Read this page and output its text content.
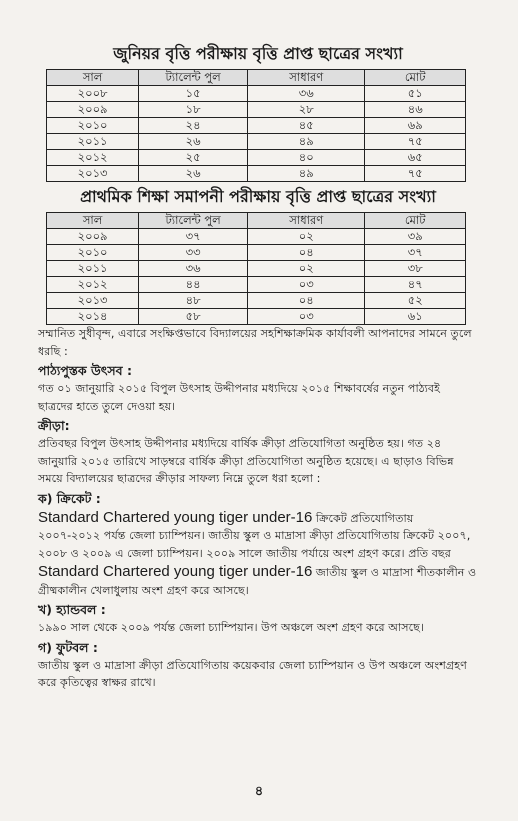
জুনিয়র বৃত্তি পরীক্ষায় বৃত্তি প্রাপ্ত ছাত্রের সংখ্যা
সাল	ট্যালেন্ট পুল	সাধারণ	মোট
২০০৮	১৫	৩৬	৫১
২০০৯	১৮	২৮	৪৬
২০১০	২৪	৪৫	৬৯
২০১১	২৬	৪৯	৭৫
২০১২	২৫	৪০	৬৫
২০১৩	২৬	৪৯	৭৫
প্রাথমিক শিক্ষা সমাপনী পরীক্ষায় বৃত্তি প্রাপ্ত ছাত্রের সংখ্যা
সাল	ট্যালেন্ট পুল	সাধারণ	মোট
২০০৯	৩৭	০২	৩৯
২০১০	৩৩	০৪	৩৭
২০১১	৩৬	০২	৩৮
২০১২	৪৪	০৩	৪৭
২০১৩	৪৮	০৪	৫২
২০১৪	৫৮	০৩	৬১

সম্মানিত সুধীবৃন্দ, এবারে সংক্ষিপ্তভাবে বিদ্যালয়ের সহশিক্ষাক্রমিক কার্যাবলী আপনাদের সামনে তুলে ধরছি :

পাঠ্যপুস্তক উৎসব :

গত ০১ জানুয়ারি ২০১৫ বিপুল উৎসাহ উদ্দীপনার মধ্যদিয়ে ২০১৫ শিক্ষাবর্ষের নতুন পাঠ্যবই ছাত্রদের হাতে তুলে দেওয়া হয়।

ক্রীড়া:

প্রতিবছর বিপুল উৎসাহ উদ্দীপনার মধ্যদিয়ে বার্ষিক ক্রীড়া প্রতিযোগিতা অনুষ্ঠিত হয়। গত ২৪ জানুয়ারি ২০১৫ তারিখে সাড়ম্বরে বার্ষিক ক্রীড়া প্রতিযোগিতা অনুষ্ঠিত হয়েছে। এ ছাড়াও বিভিন্ন সময়ে বিদ্যালয়ের ছাত্রদের ক্রীড়ার সাফল্য নিম্নে তুলে ধরা হলো :

ক) ক্রিকেট :

Standard Chartered young tiger under-16 ক্রিকেট প্রতিযোগিতায় ২০০৭-২০১২ পর্যন্ত জেলা চ্যাম্পিয়ন। জাতীয় স্কুল ও মাদ্রাসা ক্রীড়া প্রতিযোগিতায় ক্রিকেট ২০০৭, ২০০৮ ও ২০০৯ এ জেলা চ্যাম্পিয়ন। ২০০৯ সালে জাতীয় পর্যায়ে অংশ গ্রহণ করে। প্রতি বছর Standard Chartered young tiger under-16 জাতীয় স্কুল ও মাদ্রাসা শীতকালীন ও গ্রীষ্মকালীন খেলাধুলায় অংশ গ্রহণ করে আসছে।

খ) হ্যান্ডবল :

১৯৯০ সাল থেকে ২০০৯ পর্যন্ত জেলা চ্যাম্পিয়ান। উপ অঞ্চলে অংশ গ্রহণ করে আসছে।

গ) ফুটবল :

জাতীয় স্কুল ও মাদ্রাসা ক্রীড়া প্রতিযোগিতায় কয়েকবার জেলা চ্যাম্পিয়ান ও উপ অঞ্চলে অংশগ্রহণ করে কৃতিত্বের স্বাক্ষর রাখে।

৪
